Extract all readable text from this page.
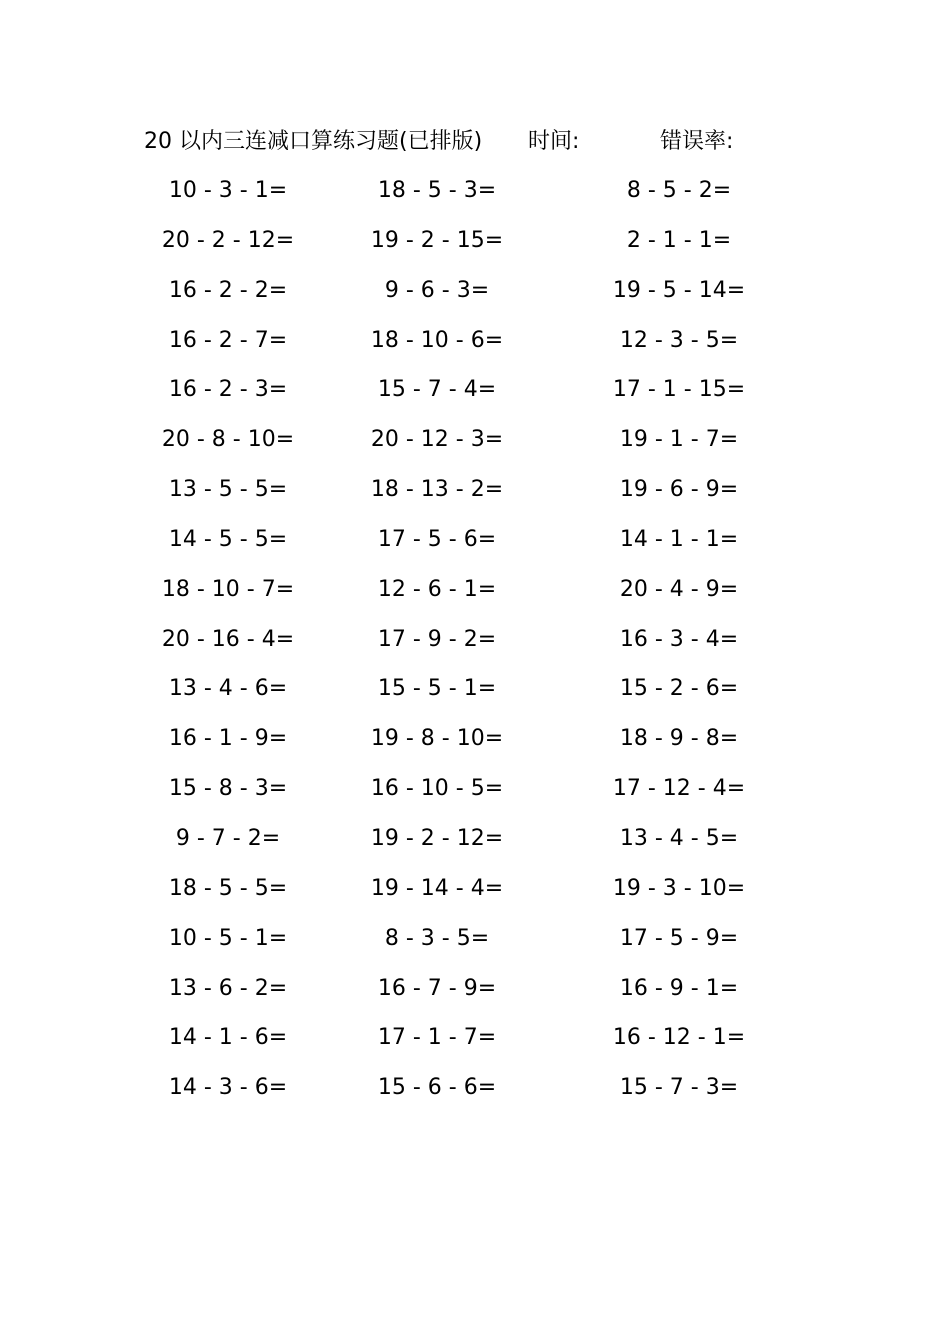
20 以内三连减口算练习题(已排版) 时间:	错误率:
10 - 3 - 1=	18 - 5 - 3=	8 - 5 - 2=
20 - 2 - 12=	19 - 2 - 15=	2 - 1 - 1=
16 - 2 - 2=	9 - 6 - 3=	19 - 5 - 14=
16 - 2 - 7=	18 - 10 - 6=	12 - 3 - 5=
16 - 2 - 3=	15 - 7 - 4=	17 - 1 - 15=
20 - 8 - 10=	20 - 12 - 3=	19 - 1 - 7=
13 - 5 - 5=	18 - 13 - 2=	19 - 6 - 9=
14 - 5 - 5=	17 - 5 - 6=	14 - 1 - 1=
18 - 10 - 7=	12 - 6 - 1=	20 - 4 - 9=
20 - 16 - 4=	17 - 9 - 2=	16 - 3 - 4=
13 - 4 - 6=	15 - 5 - 1=	15 - 2 - 6=
16 - 1 - 9=	19 - 8 - 10=	18 - 9 - 8=
15 - 8 - 3=	16 - 10 - 5=	17 - 12 - 4=
9 - 7 - 2=	19 - 2 - 12=	13 - 4 - 5=
18 - 5 - 5=	19 - 14 - 4=	19 - 3 - 10=
10 - 5 - 1=	8 - 3 - 5=	17 - 5 - 9=
13 - 6 - 2=	16 - 7 - 9=	16 - 9 - 1=
14 - 1 - 6=	17 - 1 - 7=	16 - 12 - 1=
14 - 3 - 6=	15 - 6 - 6=	15 - 7 - 3=
